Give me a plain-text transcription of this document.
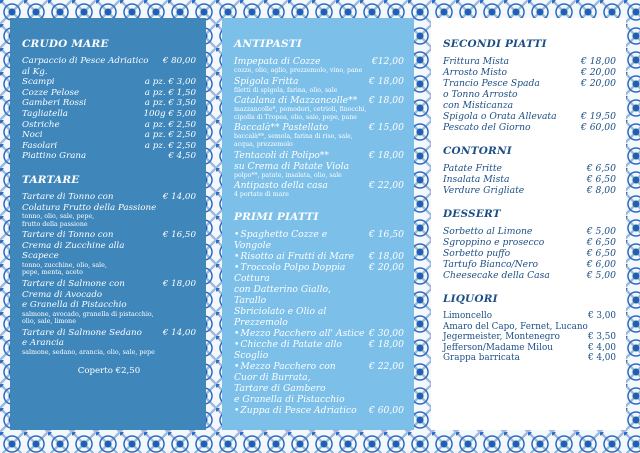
CRUDO MARE
Carpaccio di Pesce Adriatico al Kg.
€ 80,00
Scampi	a pz. € 3,00
Cozze Pelose	a pz. € 1,50
Gamberi Rossi	a pz. € 3,50
Tagliatella	100g € 5,00
Ostriche	a pz. € 2,50
Noci	a pz. € 2,50
Fasolari	a pz. € 2,50
Piattino Grana	€ 4,50
TARTARE
Tartare di Tonno con
Colatura Frutto della Passione
€ 14,00
tonno, olio, sale, pepe,
frutto della passione
Tartare di Tonno con
Crema di Zucchine alla Scapece
€ 16,50
tonno, zucchine, olio, sale,
pepe, menta, aceto
Tartare di Salmone con
Crema di Avocado
e Granella di Pistacchio
€ 18,00
salmone, avocado, granella di pistacchio,
olio, sale, limone
Tartare di Salmone Sedano
e Arancia
€ 14,00
salmone, sedano, arancia, olio, sale, pepe
Coperto €2,50
ANTIPASTI
Impepata di Cozze	€12,00
cozze, olio, aglio, prezzemolo, vino, pane
Spigola Fritta	€ 18,00
filetti di spigola, farina, olio, sale
Catalana di Mazzancolle**	€ 18,00
mazzancolle*, pomodori, cetrioli, finocchi,
cipolla di Tropea, olio, sale, pepe, pane
Baccalà** Pastellato	€ 15,00
baccalà**, semola, farina di riso, sale,
acqua, prezzemolo
Tentacoli di Polipo**
su Crema di Patate Viola
€ 18,00
polpo**, patate, insalata, olio, sale
Antipasto della casa	€ 22,00
4 portate di mare
PRIMI PIATTI
• Spaghetto Cozze e Vongole
€ 16,50
• Risotto ai Frutti di Mare	€ 18,00
• Troccolo Polpo Doppia Cottura
con Datterino Giallo, Tarallo
Sbriciolato e Olio al Prezzemolo
€ 20,00
• Mezzo Pacchero all' Astice € 30,00
• Chicche di Patate allo Scoglio
€ 18,00
• Mezzo Pacchero con
Cuor di Burrata,
Tartare di Gambero
e Granella di Pistacchio
€ 22,00
• Zuppa di Pesce Adriatico	€ 60,00
SECONDI PIATTI
Frittura Mista	€ 18,00
Arrosto Misto	€ 20,00
Trancio Pesce Spada
o Tonno Arrosto
con Misticanza
€ 20,00
Spigola o Orata Allevata	€ 19,50
Pescato del Giorno	€ 60,00
CONTORNI
Patate Fritte	€ 6,50
Insalata Mista	€ 6,50
Verdure Grigliate	€ 8,00
DESSERT
Sorbetto al Limone	€ 5,00
Sgroppino e prosecco	€ 6,50
Sorbetto puffo	€ 6,50
Tartufo Bianco/Nero	€ 6,00
Cheesecake della Casa	€ 5,00
LIQUORI
Limoncello	€ 3,00
Amaro del Capo, Fernet, Lucano
Jegermeister, Montenegro	€ 3,50
Jefferson/Madame Milou	€ 4,00
Grappa barricata	€ 4,00
